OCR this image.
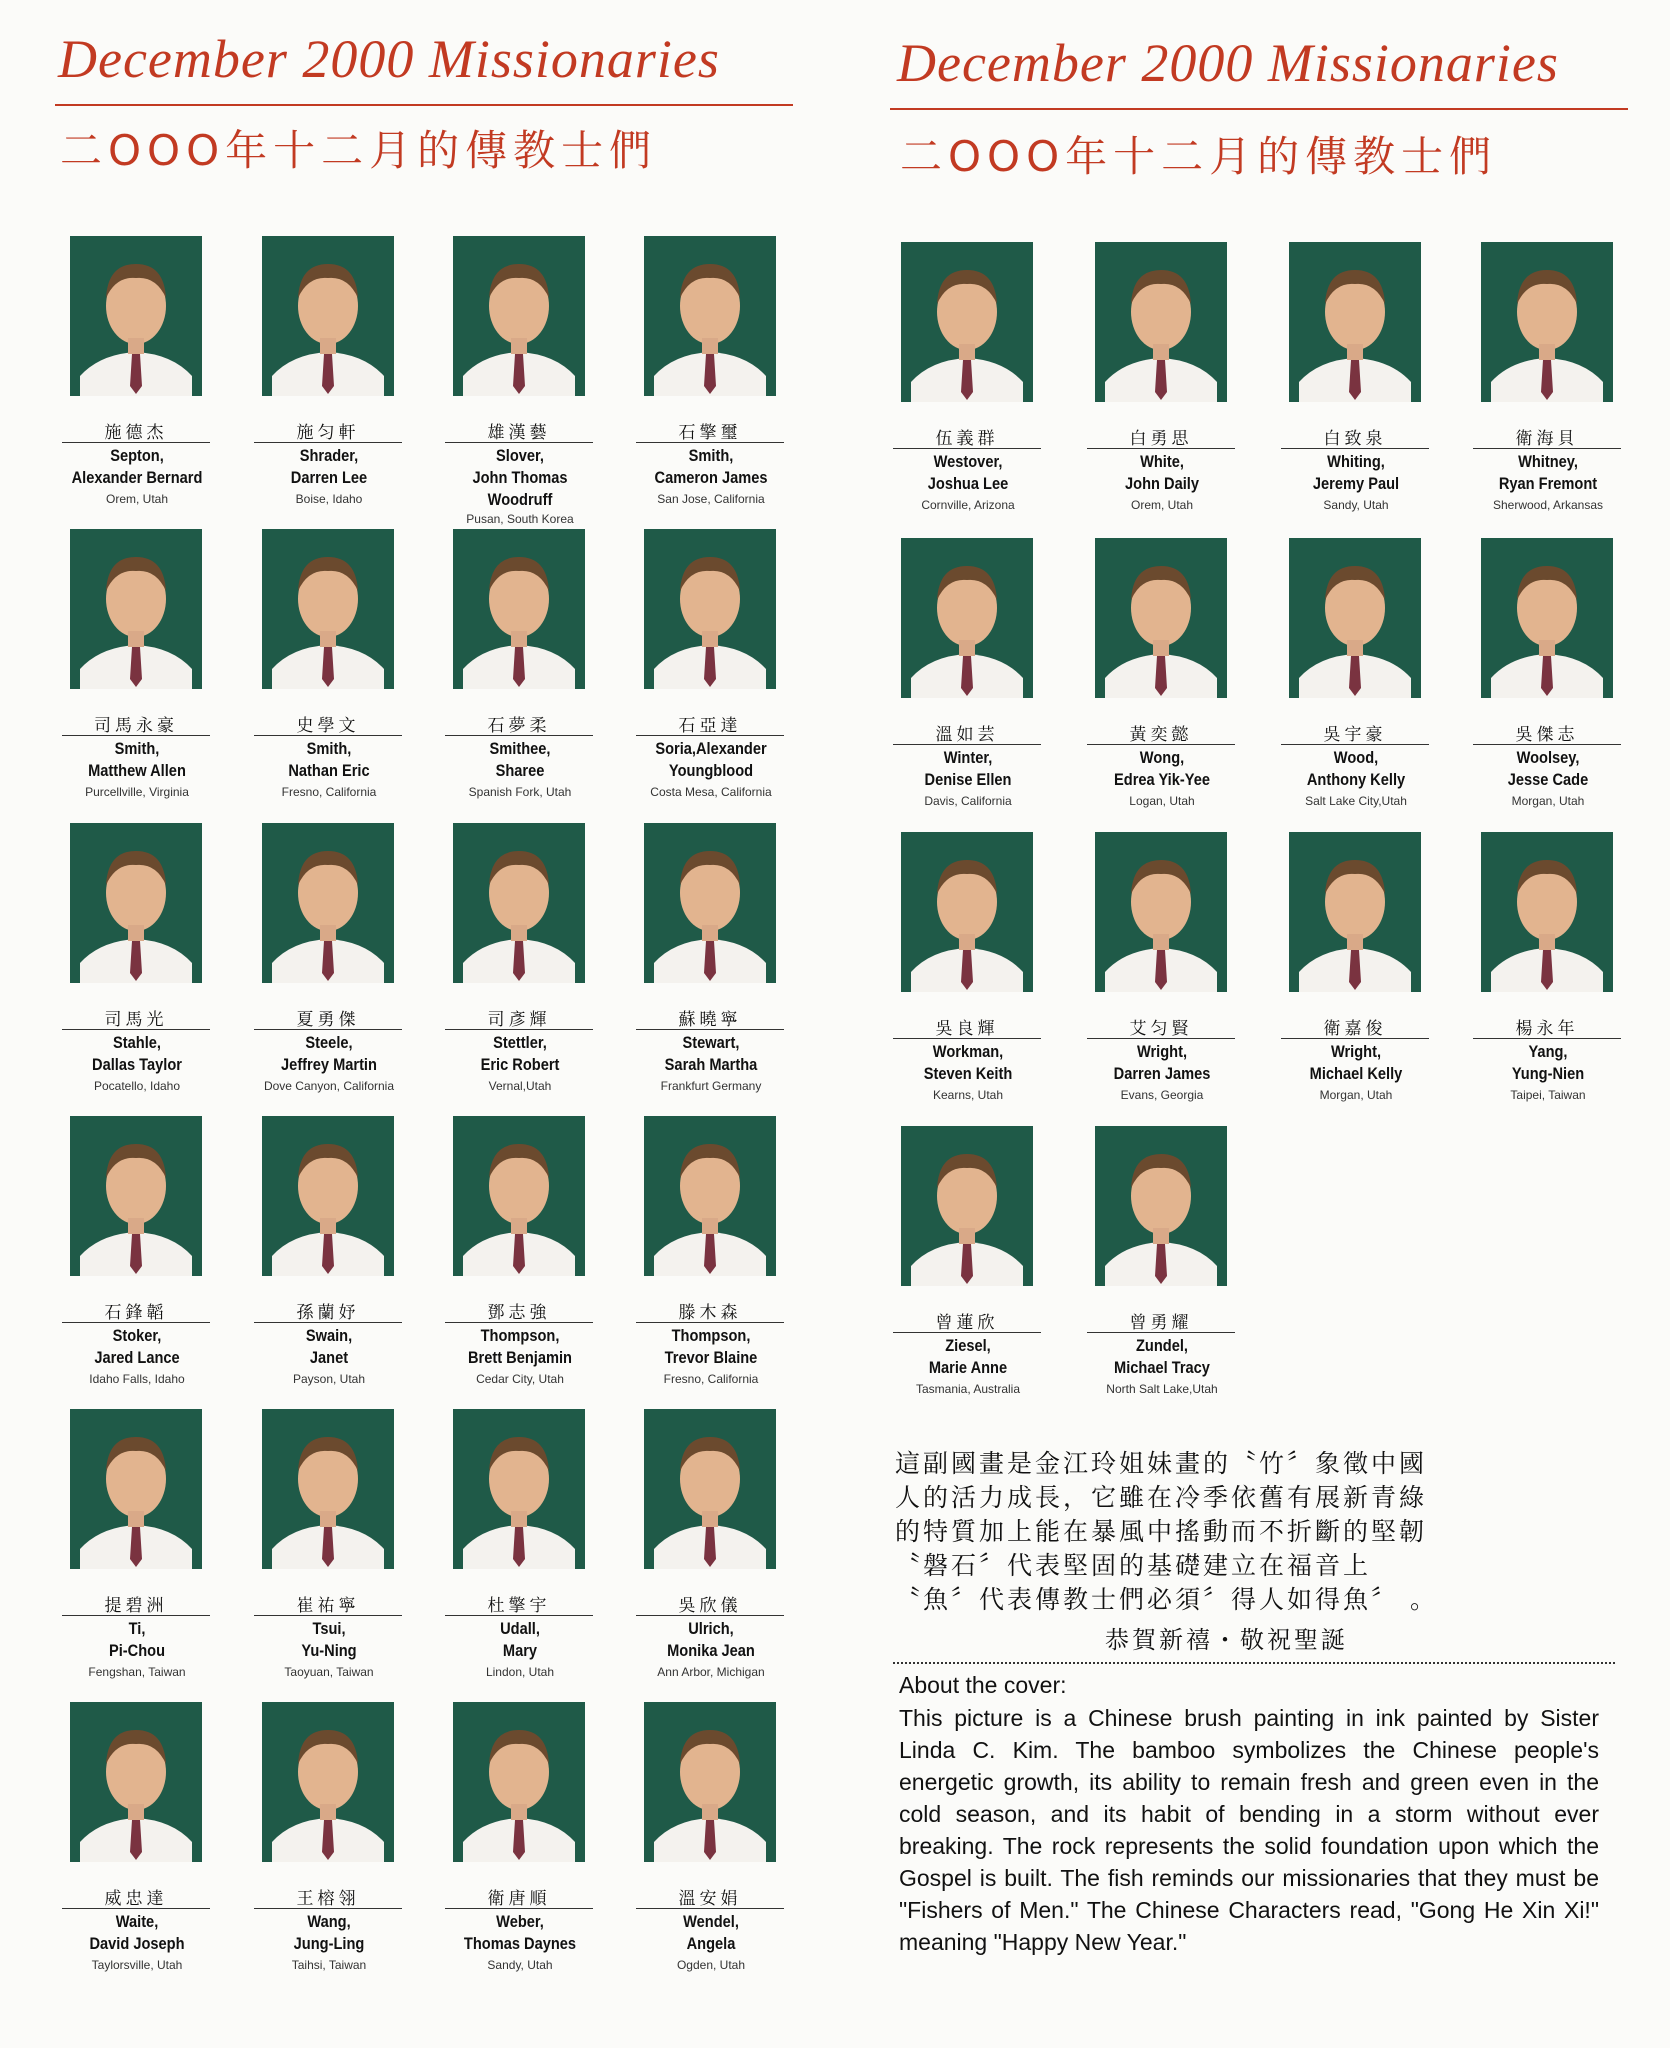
December 2000 Missionaries
二OOO年十二月的傳教士們
施德杰
Septon,
Alexander Bernard
Orem, Utah
施匀軒
Shrader,
Darren Lee
Boise, Idaho
雄漢藝
Slover,
John Thomas
Woodruff
Pusan, South Korea
石擎璽
Smith,
Cameron James
San Jose, California
司馬永豪
Smith,
Matthew Allen
Purcellville, Virginia
史學文
Smith,
Nathan Eric
Fresno, California
石夢柔
Smithee,
Sharee
Spanish Fork, Utah
石亞達
Soria,Alexander
Youngblood
Costa Mesa, California
司馬光
Stahle,
Dallas Taylor
Pocatello, Idaho
夏勇傑
Steele,
Jeffrey Martin
Dove Canyon, California
司彥輝
Stettler,
Eric Robert
Vernal,Utah
蘇曉寧
Stewart,
Sarah Martha
Frankfurt Germany
石鋒韜
Stoker,
Jared Lance
Idaho Falls, Idaho
孫蘭妤
Swain,
Janet
Payson, Utah
鄧志強
Thompson,
Brett Benjamin
Cedar City, Utah
滕木森
Thompson,
Trevor Blaine
Fresno, California
提碧洲
Ti,
Pi-Chou
Fengshan, Taiwan
崔祐寧
Tsui,
Yu-Ning
Taoyuan, Taiwan
杜擎宇
Udall,
Mary
Lindon, Utah
吳欣儀
Ulrich,
Monika Jean
Ann Arbor, Michigan
威忠達
Waite,
David Joseph
Taylorsville, Utah
王榕翎
Wang,
Jung-Ling
Taihsi, Taiwan
衛唐順
Weber,
Thomas Daynes
Sandy, Utah
溫安娟
Wendel,
Angela
Ogden, Utah
December 2000 Missionaries
二OOO年十二月的傳教士們
伍義群
Westover,
Joshua Lee
Cornville, Arizona
白勇思
White,
John Daily
Orem, Utah
白致泉
Whiting,
Jeremy Paul
Sandy, Utah
衛海貝
Whitney,
Ryan Fremont
Sherwood, Arkansas
溫如芸
Winter,
Denise Ellen
Davis, California
黃奕懿
Wong,
Edrea Yik-Yee
Logan, Utah
吳宇豪
Wood,
Anthony Kelly
Salt Lake City,Utah
吳傑志
Woolsey,
Jesse Cade
Morgan, Utah
吳良輝
Workman,
Steven Keith
Kearns, Utah
艾匀賢
Wright,
Darren James
Evans, Georgia
衛嘉俊
Wright,
Michael Kelly
Morgan, Utah
楊永年
Yang,
Yung-Nien
Taipei, Taiwan
曾蓮欣
Ziesel,
Marie Anne
Tasmania, Australia
曾勇耀
Zundel,
Michael Tracy
North Salt Lake,Utah
這副國畫是金江玲姐妹畫的〝竹〞象徵中國
人的活力成長，它雖在冷季依舊有展新青綠
的特質加上能在暴風中搖動而不折斷的堅韌
〝磐石〞代表堅固的基礎建立在福音上
〝魚〞代表傳教士們必須〞得人如得魚〞 。
恭賀新禧・敬祝聖誕
About the cover:
This picture is a Chinese brush painting in ink painted by Sister Linda C. Kim. The bamboo symbolizes the Chinese people's energetic growth, its ability to remain fresh and green even in the cold season, and its habit of bending in a storm without ever breaking. The rock represents the solid foundation upon which the Gospel is built. The fish reminds our missionaries that they must be "Fishers of Men." The Chinese Characters read, "Gong He Xin Xi!" meaning "Happy New Year."
